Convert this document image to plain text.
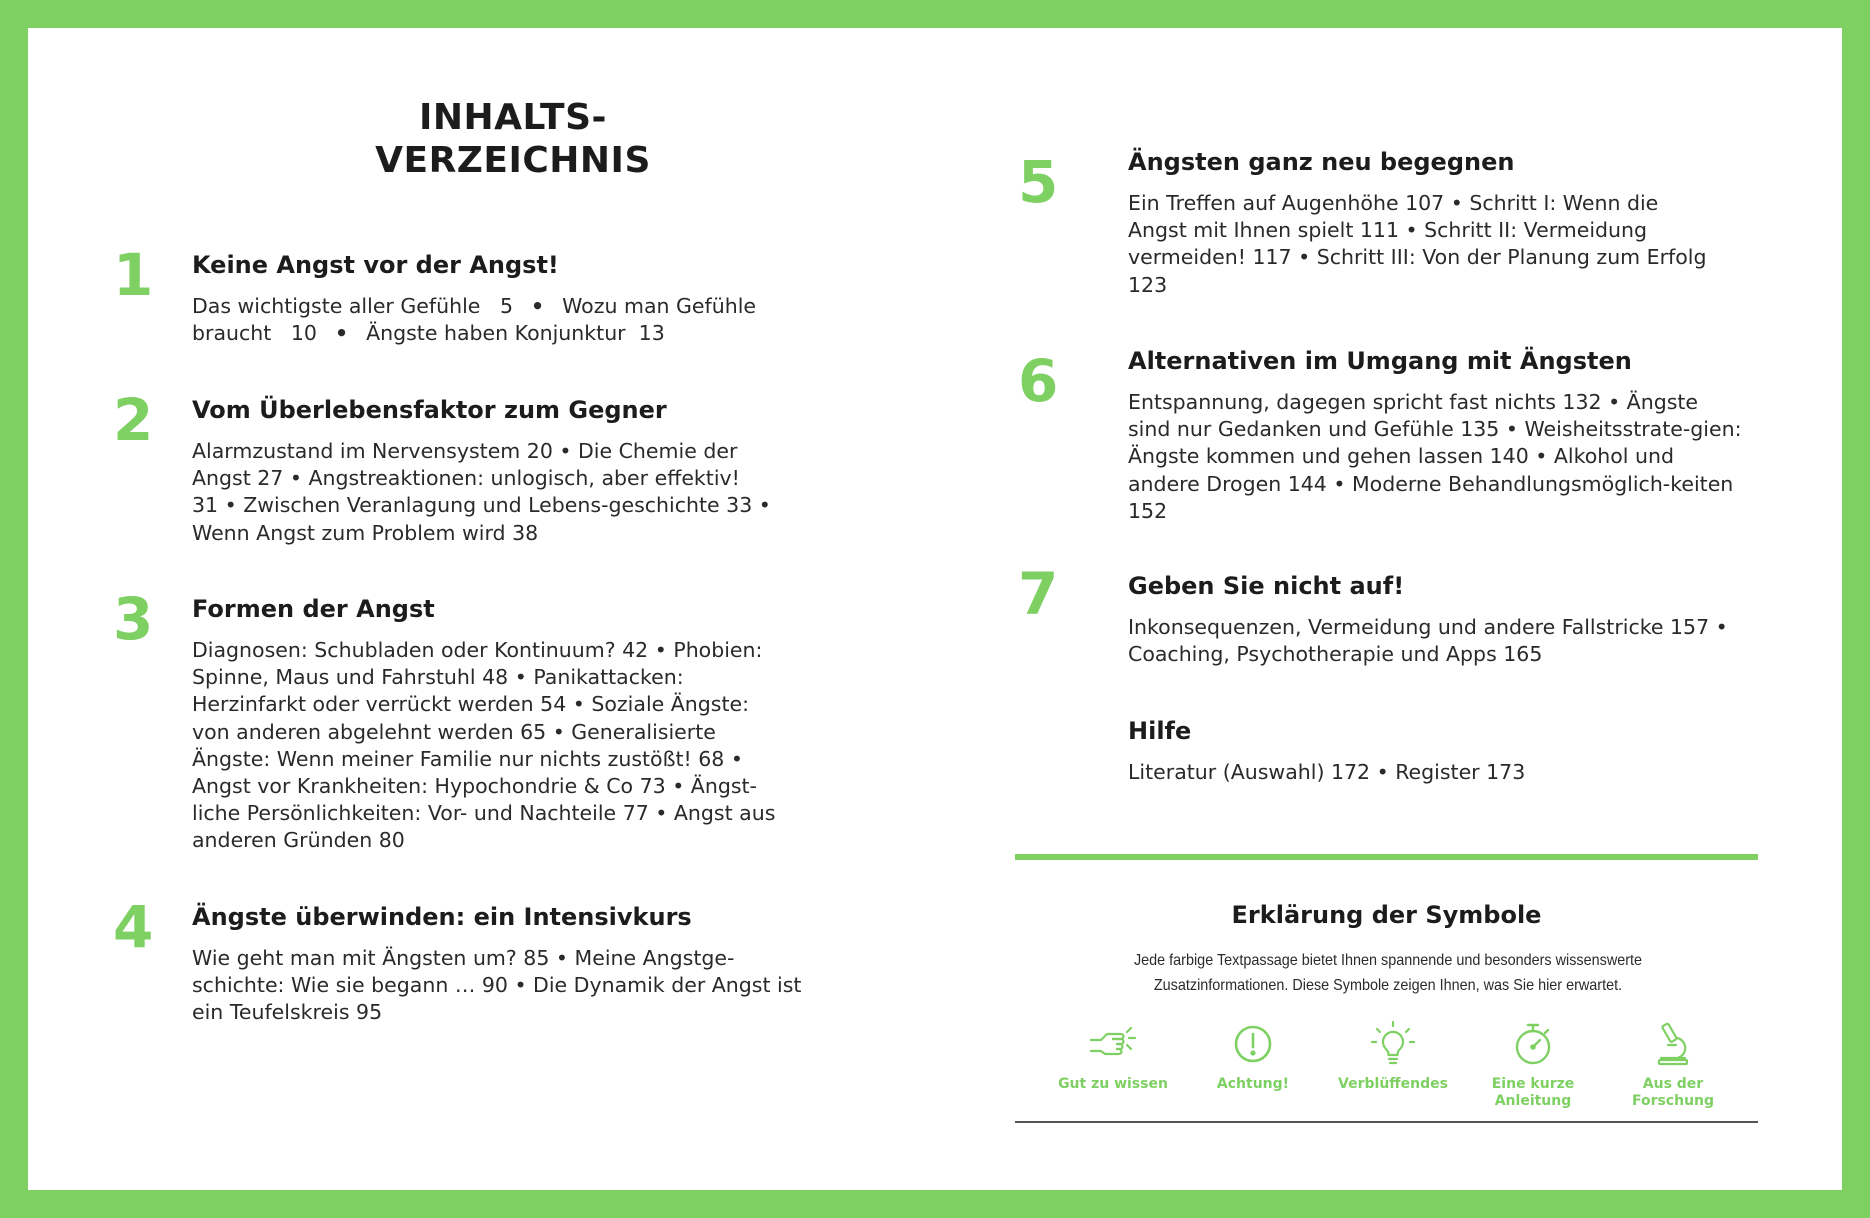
INHALTS-
VERZEICHNIS
1 Keine Angst vor der Angst!

Das wichtigste aller Gefühle 5 • Wozu man Gefühle
braucht 10 • Ängste haben Konjunktur 13

2 Vom Überlebensfaktor zum Gegner

Alarmzustand im Nervensystem 20 • Die Chemie der Angst 27 • Angstreaktionen: unlogisch, aber effektiv! 31 • Zwischen Veranlagung und Lebens-geschichte 33 • Wenn Angst zum Problem wird 38

3 Formen der Angst

Diagnosen: Schubladen oder Kontinuum? 42 • Phobien: Spinne, Maus und Fahrstuhl 48 • Panikattacken: Herzinfarkt oder verrückt werden 54 • Soziale Ängste: von anderen abgelehnt werden 65 • Generalisierte Ängste: Wenn meiner Familie nur nichts zustößt! 68 • Angst vor Krankheiten: Hypochondrie & Co 73 • Ängst-liche Persönlichkeiten: Vor- und Nachteile 77 • Angst aus anderen Gründen 80

4 Ängste überwinden: ein Intensivkurs

Wie geht man mit Ängsten um? 85 • Meine Angstge-schichte: Wie sie begann … 90 • Die Dynamik der Angst ist ein Teufelskreis 95

5	Ängsten ganz neu begegnen

Ein Treffen auf Augenhöhe 107 • Schritt I: Wenn die Angst mit Ihnen spielt 111 • Schritt II: Vermeidung vermeiden! 117 • Schritt III: Von der Planung zum Erfolg 123

6	Alternativen im Umgang mit Ängsten

Entspannung, dagegen spricht fast nichts 132 • Ängste sind nur Gedanken und Gefühle 135 • Weisheitsstrate-gien: Ängste kommen und gehen lassen 140 • Alkohol und andere Drogen 144 • Moderne Behandlungsmöglich-keiten 152

7	Geben Sie nicht auf!

Inkonsequenzen, Vermeidung und andere Fallstricke 157 • Coaching, Psychotherapie und Apps 165

Hilfe

Literatur (Auswahl) 172 • Register 173

Erklärung der Symbole

Jede farbige Textpassage bietet Ihnen spannende und besonders wissenswerte
Zusatzinformationen. Diese Symbole zeigen Ihnen, was Sie hier erwartet.

Gut zu wissen	Achtung!	Verblüffendes	Eine kurze Anleitung
Aus der Forschung
